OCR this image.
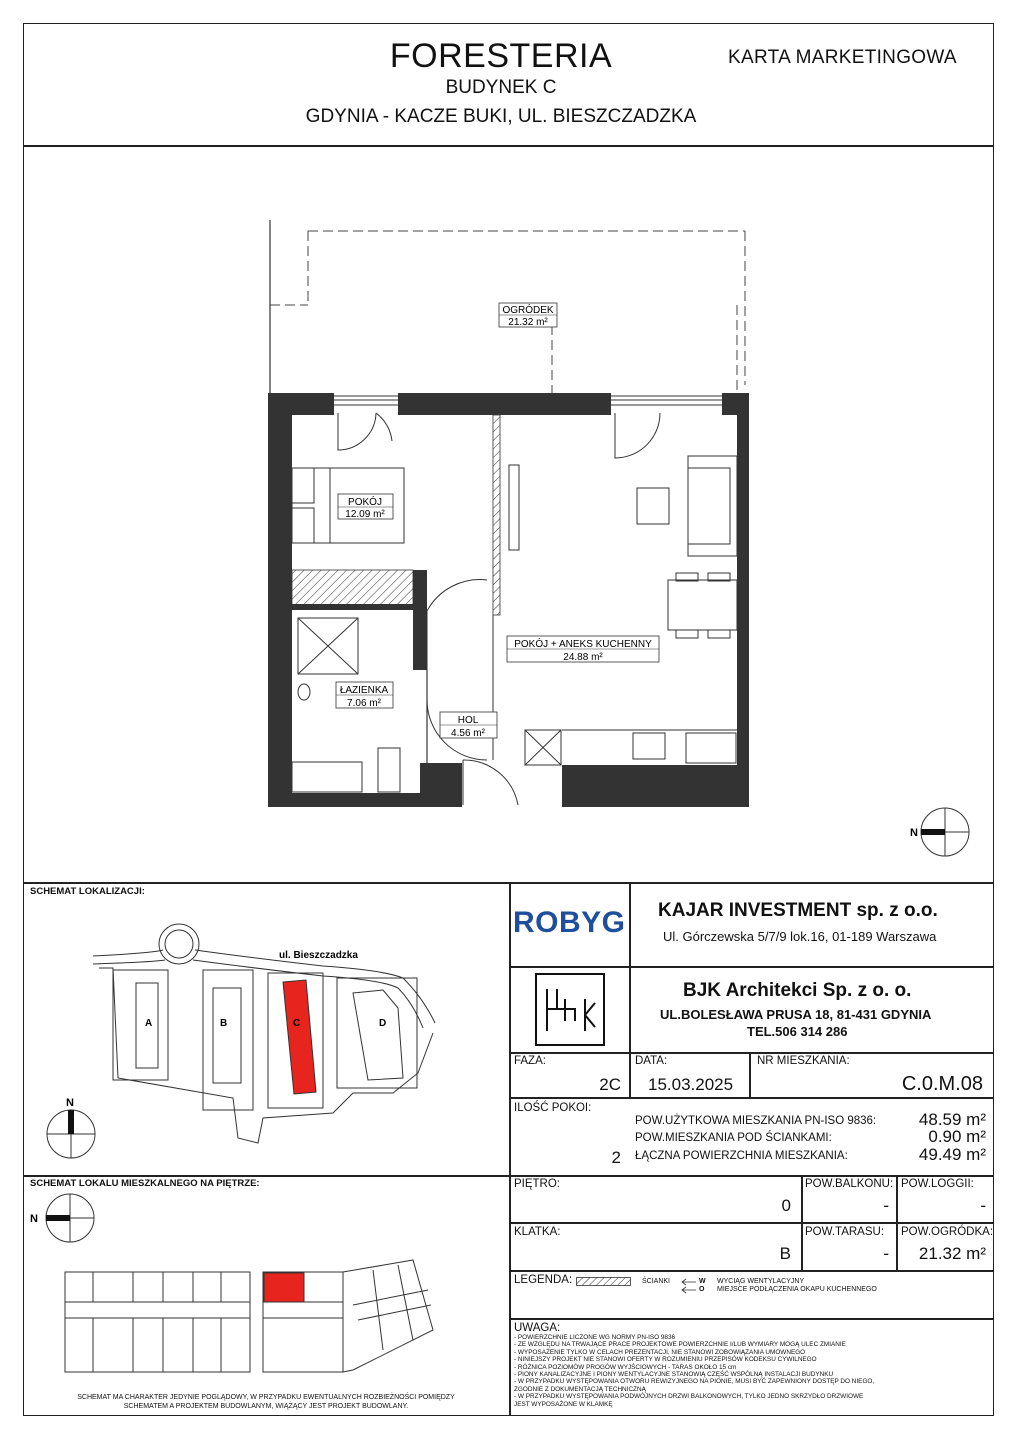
FORESTERIA
BUDYNEK C
GDYNIA - KACZE BUKI, UL. BIESZCZADZKA
KARTA MARKETINGOWA
OGRÓDEK
21.32 m²
POKÓJ
12.09 m²
POKÓJ + ANEKS KUCHENNY
24.88 m²
ŁAZIENKA
7.06 m²
HOL
4.56 m²
N
SCHEMAT LOKALIZACJI:
ul. Bieszczadzka
A	B	C	D
N
SCHEMAT LOKALU MIESZKALNEGO NA PIĘTRZE:
N
SCHEMAT MA CHARAKTER JEDYNIE POGLĄDOWY, W PRZYPADKU EWENTUALNYCH ROZBIEŻNOŚCI POMIĘDZY
SCHEMATEM A PROJEKTEM BUDOWLANYM, WIĄŻĄCY JEST PROJEKT BUDOWLANY.
ROBYG KAJAR INVESTMENT sp. z o.o.
Ul. Górczewska 5/7/9 lok.16, 01-189 Warszawa
BJK Architekci Sp. z o. o.
UL.BOLESŁAWA PRUSA 18, 81-431 GDYNIA
TEL.506 314 286
FAZA:
2C
DATA:
15.03.2025
NR MIESZKANIA:
C.0.M.08
ILOŚĆ POKOI:
2
POW.UŻYTKOWA MIESZKANIA PN-ISO 9836:	48.59 m²
POW.MIESZKANIA POD ŚCIANKAMI:	0.90 m²
ŁĄCZNA POWIERZCHNIA MIESZKANIA:	49.49 m²
PIĘTRO:
0
POW.BALKONU:
-
POW.LOGGII:
-
KLATKA:
B
POW.TARASU:
-
POW.OGRÓDKA:
21.32 m²
LEGENDA:	ŚCIANKI	W
O
WYCIĄG WENTYLACYJNY
MIEJSCE PODŁĄCZENIA OKAPU KUCHENNEGO
UWAGA:
- POWIERZCHNIE LICZONE WG NORMY PN-ISO 9836
- ZE WZGLĘDU NA TRWAJĄCE PRACE PROJEKTOWE POWIERZCHNIE I/LUB WYMIARY MOGĄ ULEC ZMIANIE
- WYPOSAŻENIE TYLKO W CELACH PREZENTACJI, NIE STANOWI ZOBOWIĄZANIA UMOWNEGO
- NINIEJSZY PROJEKT NIE STANOWI OFERTY W ROZUMIENIU PRZEPISÓW KODEKSU CYWILNEGO
- RÓŻNICA POZIOMÓW PROGÓW WYJŚCIOWYCH - TARAS OKOŁO 15 cm
- PIONY KANALIZACYJNE I PIONY WENTYLACYJNE STANOWIĄ CZĘŚĆ WSPÓLNĄ INSTALACJI BUDYNKU
- W PRZYPADKU WYSTĘPOWANIA OTWORU REWIZYJNEGO NA PIONIE, MUSI BYĆ ZAPEWNIONY DOSTĘP DO NIEGO,
ZGODNIE Z DOKUMENTACJĄ TECHNICZNĄ
- W PRZYPADKU WYSTĘPOWANIA PODWÓJNYCH DRZWI BALKONOWYCH, TYLKO JEDNO SKRZYDŁO DRZWIOWE
JEST WYPOSAŻONE W KLAMKĘ
